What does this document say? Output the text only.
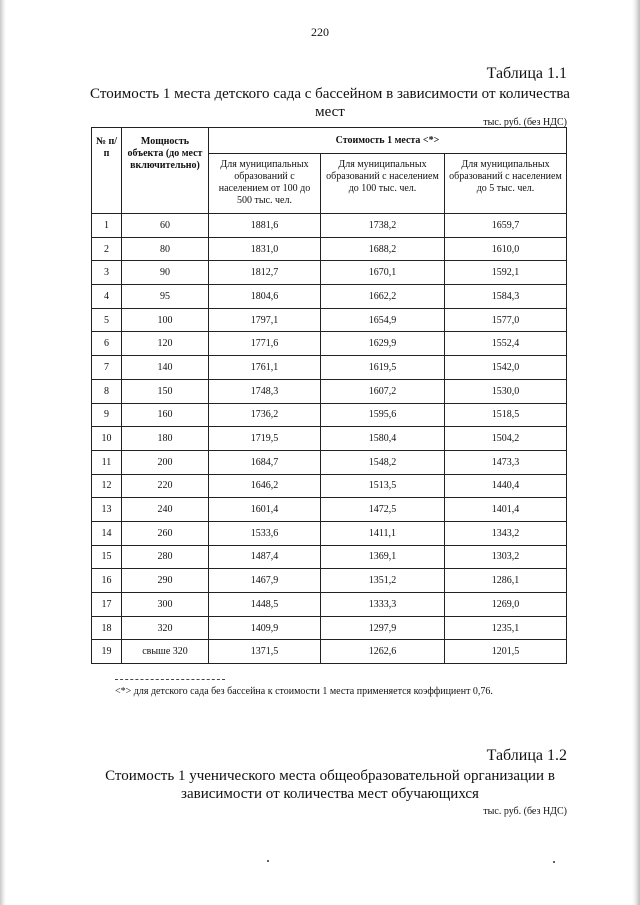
220
Таблица 1.1
Стоимость 1 места детского сада с бассейном в зависимости от количества мест
тыс. руб. (без НДС)
№ п/п	Мощность объекта (до мест включительно)	Стоимость 1 места <*>		
		Для муниципальных образований с населением от 100 до 500 тыс. чел.	Для муниципальных образований с населением до 100 тыс. чел.	Для муниципальных образований с населением до 5 тыс. чел.
1	60	1881,6	1738,2	1659,7
2	80	1831,0	1688,2	1610,0
3	90	1812,7	1670,1	1592,1
4	95	1804,6	1662,2	1584,3
5	100	1797,1	1654,9	1577,0
6	120	1771,6	1629,9	1552,4
7	140	1761,1	1619,5	1542,0
8	150	1748,3	1607,2	1530,0
9	160	1736,2	1595,6	1518,5
10	180	1719,5	1580,4	1504,2
11	200	1684,7	1548,2	1473,3
12	220	1646,2	1513,5	1440,4
13	240	1601,4	1472,5	1401,4
14	260	1533,6	1411,1	1343,2
15	280	1487,4	1369,1	1303,2
16	290	1467,9	1351,2	1286,1
17	300	1448,5	1333,3	1269,0
18	320	1409,9	1297,9	1235,1
19	свыше 320	1371,5	1262,6	1201,5
<*> для детского сада без бассейна к стоимости 1 места применяется коэффициент 0,76.
Таблица 1.2
Стоимость 1 ученического места общеобразовательной организации в
зависимости от количества мест обучающихся
тыс. руб. (без НДС)
